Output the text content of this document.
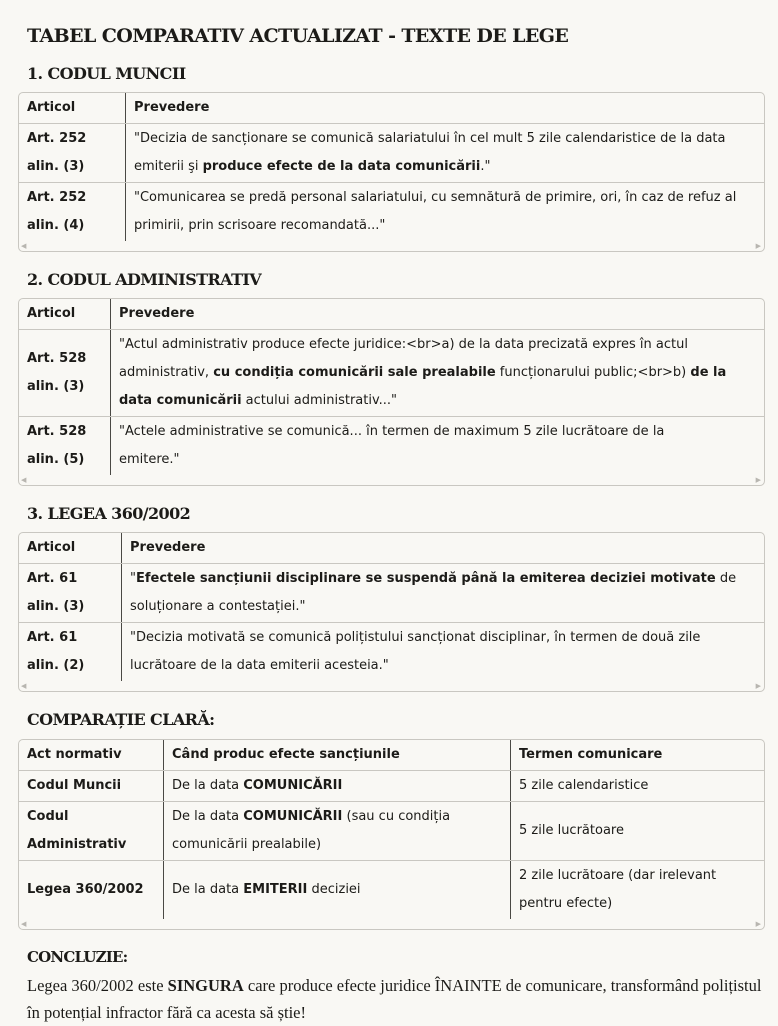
TABEL COMPARATIV ACTUALIZAT - TEXTE DE LEGE
1. CODUL MUNCII
Articol	Prevedere
Art. 252 alin. (3)	"Decizia de sancționare se comunică salariatului în cel mult 5 zile calendaristice de la data emiterii şi produce efecte de la data comunicării."
Art. 252 alin. (4)	"Comunicarea se predă personal salariatului, cu semnătură de primire, ori, în caz de refuz al primirii, prin scrisoare recomandată..."
◀	▶
2. CODUL ADMINISTRATIV
Articol	Prevedere
Art. 528 alin. (3)	"Actul administrativ produce efecte juridice:<br>a) de la data precizată expres în actul administrativ, cu condiția comunicării sale prealabile funcționarului public;<br>b) de la data comunicării actului administrativ..."
Art. 528 alin. (5)	"Actele administrative se comunică... în termen de maximum 5 zile lucrătoare de la emitere."
◀	▶
3. LEGEA 360/2002
Articol	Prevedere
Art. 61 alin. (3)	"Efectele sancțiunii disciplinare se suspendă până la emiterea deciziei motivate de soluționare a contestației."
Art. 61 alin. (2)	"Decizia motivată se comunică polițistului sancționat disciplinar, în termen de două zile lucrătoare de la data emiterii acesteia."
◀	▶
COMPARAȚIE CLARĂ:
Act normativ	Când produc efecte sancțiunile	Termen comunicare
Codul Muncii	De la data COMUNICĂRII	5 zile calendaristice
Codul Administrativ	De la data COMUNICĂRII (sau cu condiția comunicării prealabile)	5 zile lucrătoare
Legea 360/2002	De la data EMITERII deciziei	2 zile lucrătoare (dar irelevant pentru efecte)
◀	▶
CONCLUZIE:

Legea 360/2002 este SINGURA care produce efecte juridice ÎNAINTE de comunicare, transformând polițistul în potențial infractor fără ca acesta să știe!
